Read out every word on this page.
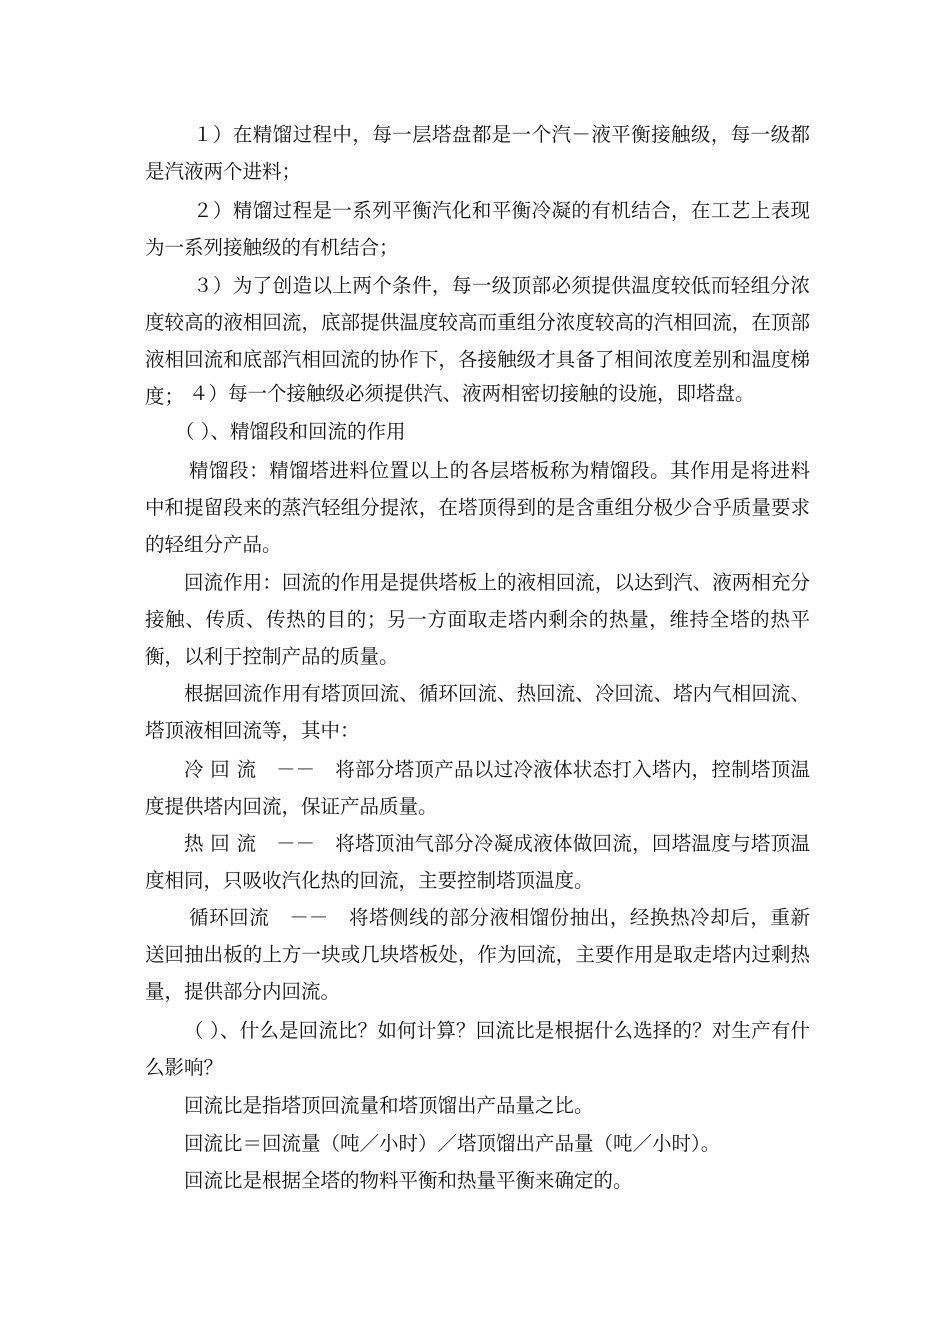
１）在精馏过程中，每一层塔盘都是一个汽－液平衡接触级，每一级都是汽液两个进料；

２）精馏过程是一系列平衡汽化和平衡冷凝的有机结合，在工艺上表现为一系列接触级的有机结合；

３）为了创造以上两个条件，每一级顶部必须提供温度较低而轻组分浓度较高的液相回流，底部提供温度较高而重组分浓度较高的汽相回流，在顶部液相回流和底部汽相回流的协作下，各接触级才具备了相间浓度差别和温度梯度； ４）每一个接触级必须提供汽、液两相密切接触的设施，即塔盘。

（ ）、精馏段和回流的作用

精馏段：精馏塔进料位置以上的各层塔板称为精馏段。其作用是将进料中和提留段来的蒸汽轻组分提浓，在塔顶得到的是含重组分极少合乎质量要求的轻组分产品。

回流作用：回流的作用是提供塔板上的液相回流，以达到汽、液两相充分接触、传质、传热的目的；另一方面取走塔内剩余的热量，维持全塔的热平衡，以利于控制产品的质量。

根据回流作用有塔顶回流、循环回流、热回流、冷回流、塔内气相回流、塔顶液相回流等，其中：

冷 回 流　－－　将部分塔顶产品以过冷液体状态打入塔内，控制塔顶温度提供塔内回流，保证产品质量。

热 回 流　－－　将塔顶油气部分冷凝成液体做回流，回塔温度与塔顶温度相同，只吸收汽化热的回流，主要控制塔顶温度。

循环回流　－－　将塔侧线的部分液相馏份抽出，经换热冷却后，重新送回抽出板的上方一块或几块塔板处，作为回流，主要作用是取走塔内过剩热量，提供部分内回流。

（ ）、什么是回流比？如何计算？回流比是根据什么选择的？对生产有什么影响？

回流比是指塔顶回流量和塔顶馏出产品量之比。

回流比＝回流量（吨／小时）／塔顶馏出产品量（吨／小时）。

回流比是根据全塔的物料平衡和热量平衡来确定的。
